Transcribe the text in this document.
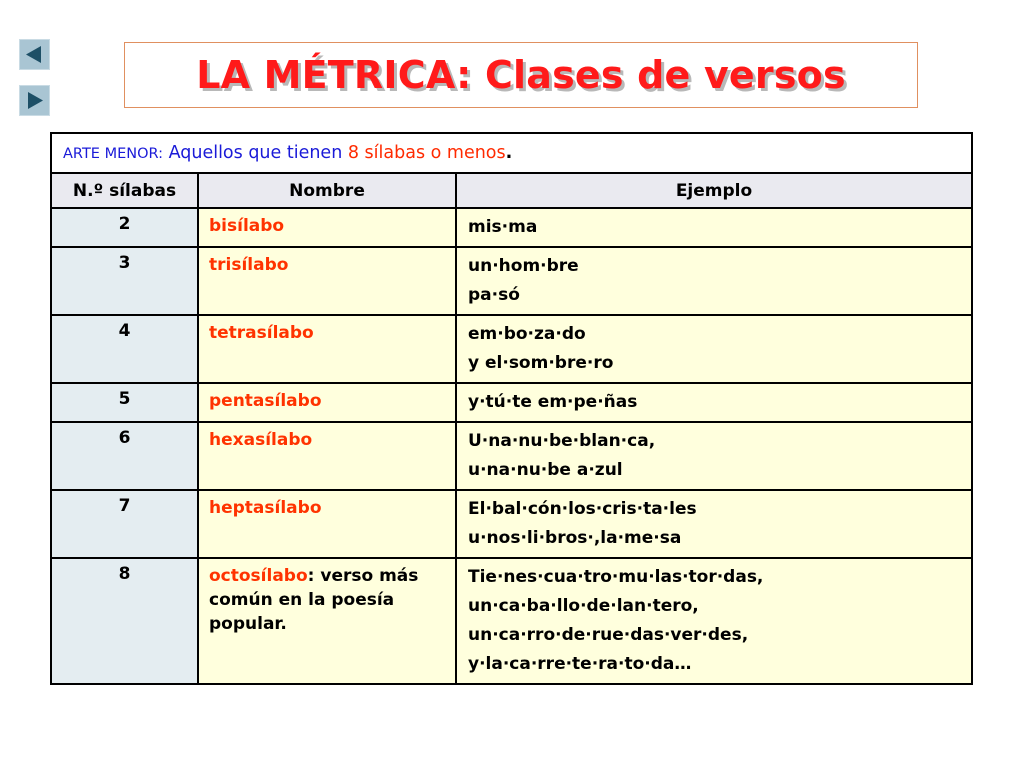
LA MÉTRICA: Clases de versos
ARTE MENOR: Aquellos que tienen 8 sílabas o menos.		
N.º sílabas	Nombre	Ejemplo
2	bisílabo	mis·ma

3	trisílabo	un·hom·bre
pa·só

4	tetrasílabo	em·bo·za·do
y el·som·bre·ro

5	pentasílabo	y·tú·te em·pe·ñas

6	hexasílabo	U·na·nu·be·blan·ca,
u·na·nu·be a·zul

7	heptasílabo	El·bal·cón·los·cris·ta·les
u·nos·li·bros·,la·me·sa

8	octosílabo: verso más común en la poesía popular.	Tie·nes·cua·tro·mu·las·tor·das,
un·ca·ba·llo·de·lan·tero,
un·ca·rro·de·rue·das·ver·des,
y·la·ca·rre·te·ra·to·da…
